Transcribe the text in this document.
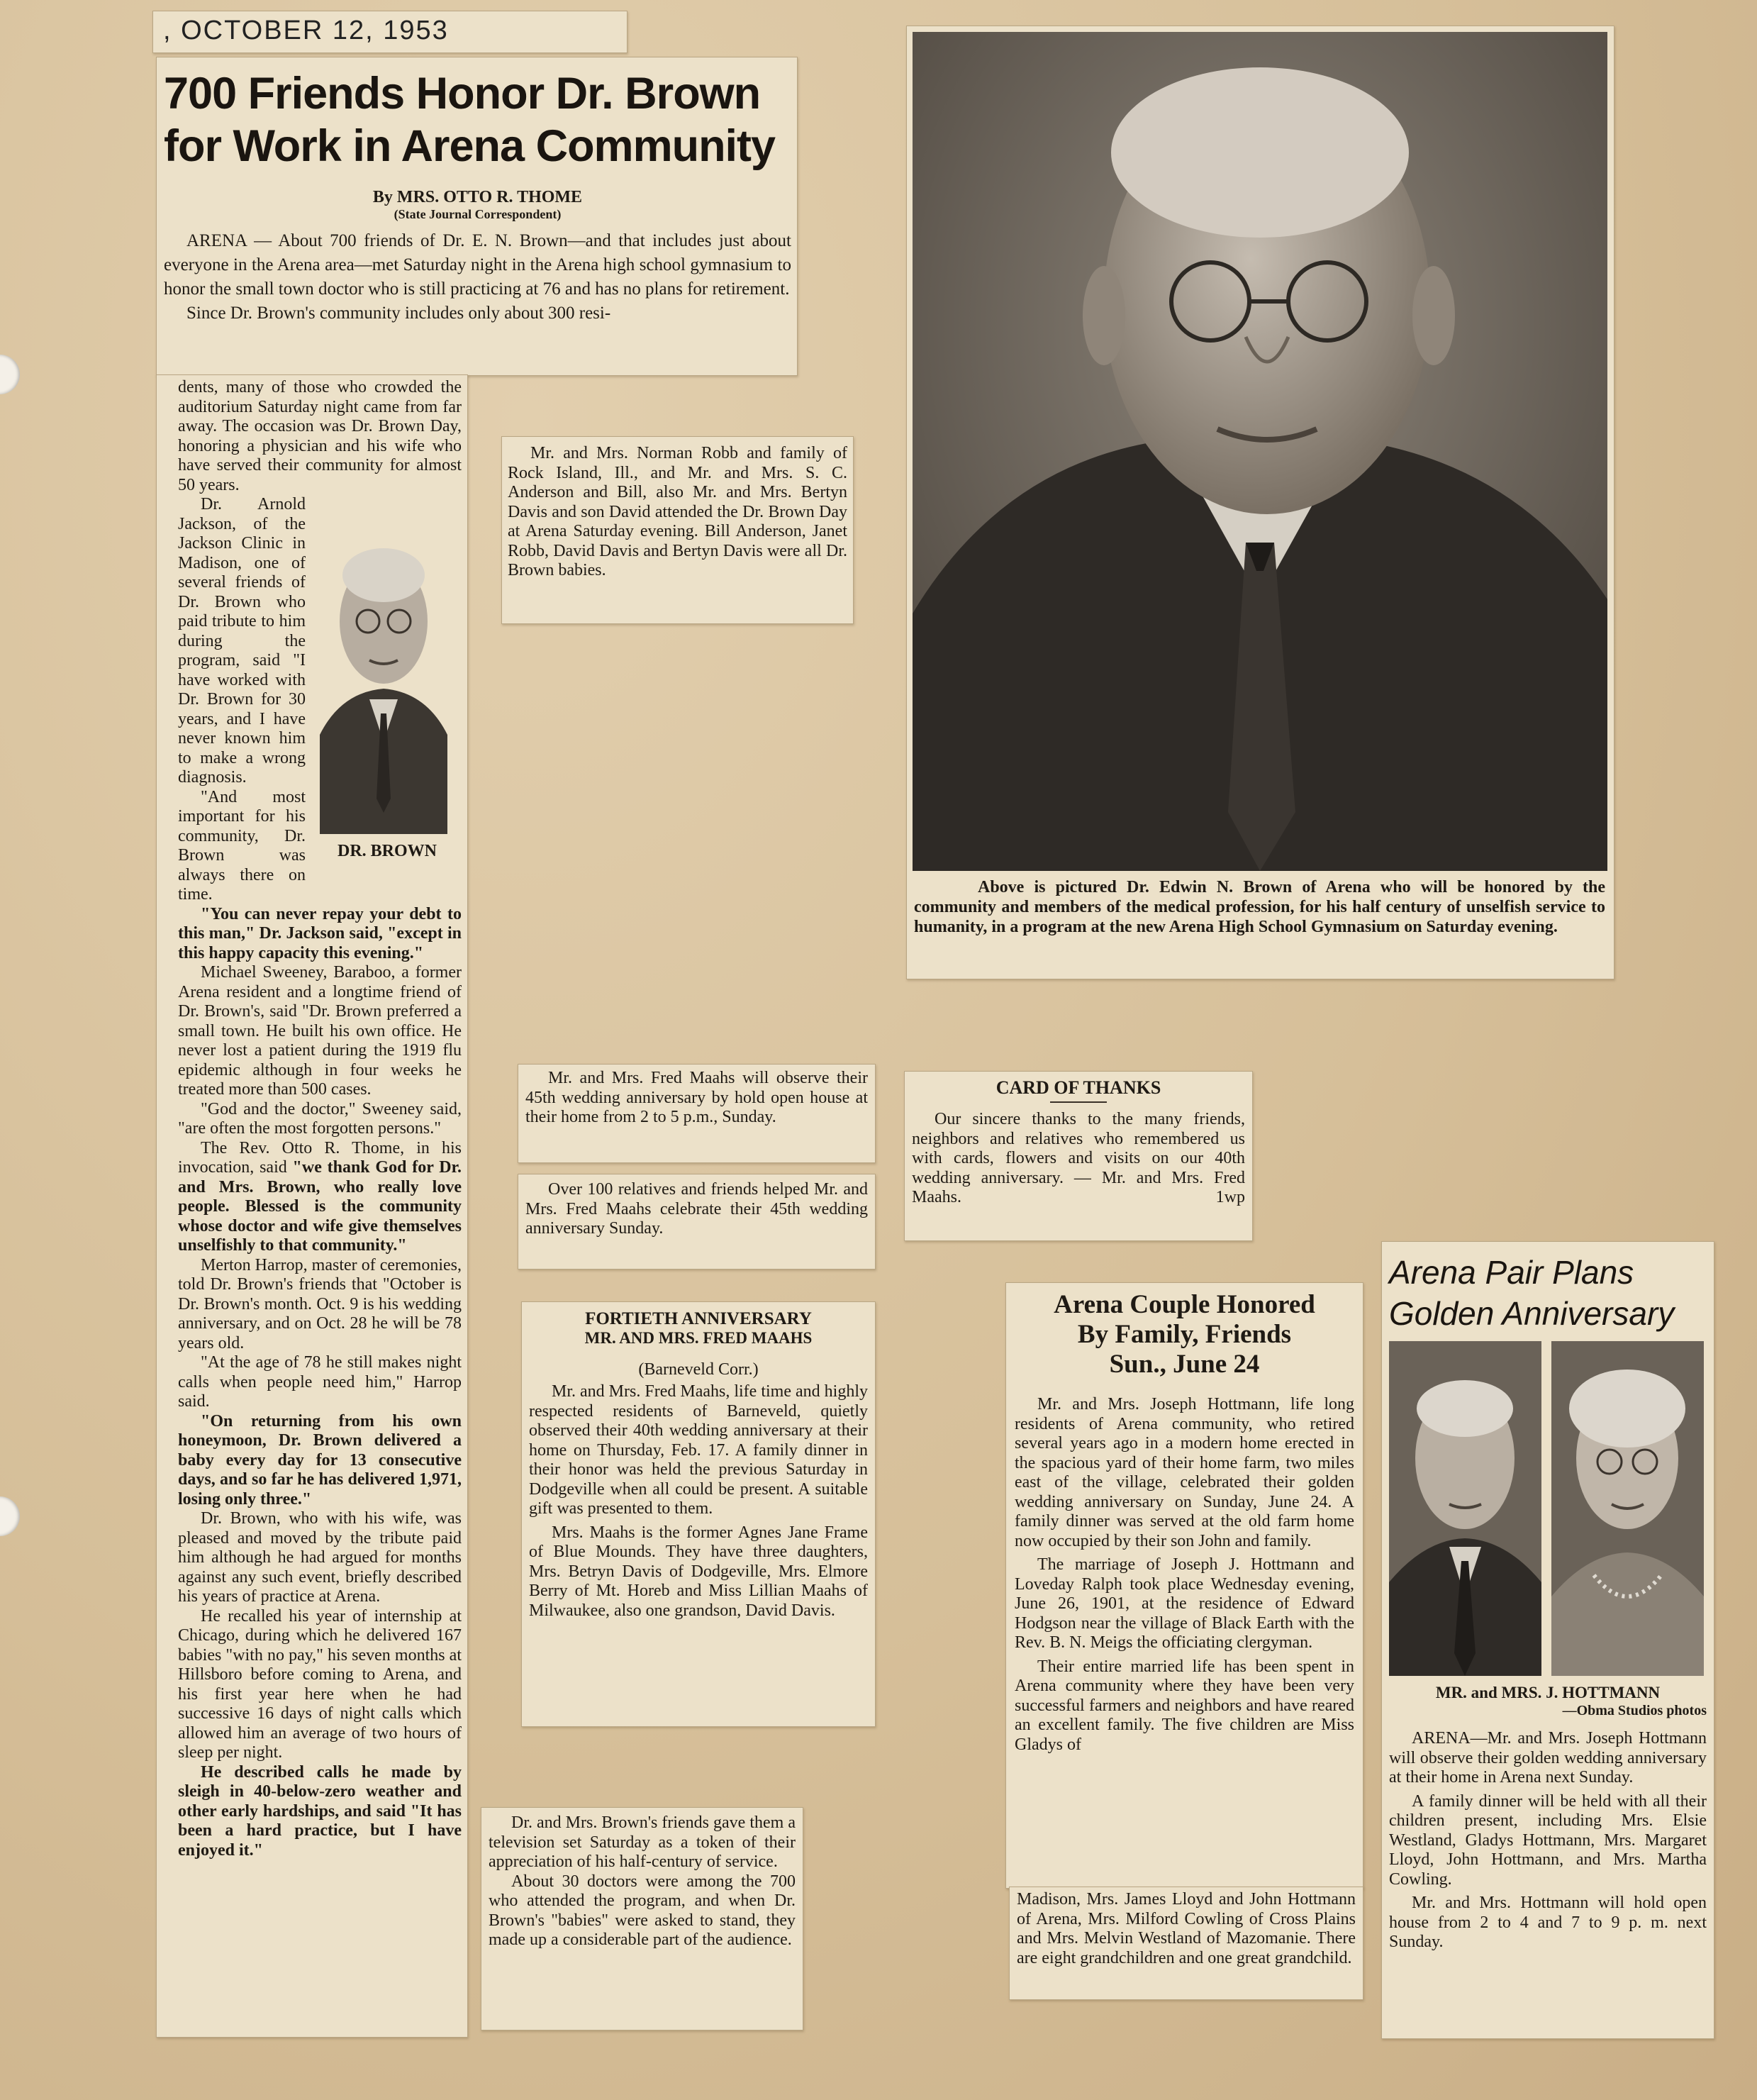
, OCTOBER 12, 1953
700 Friends Honor Dr. Brown
for Work in Arena Community
By MRS. OTTO R. THOME
(State Journal Correspondent)

ARENA — About 700 friends of Dr. E. N. Brown—and that includes just about everyone in the Arena area—met Saturday night in the Arena high school gymnasium to honor the small town doctor who is still practicing at 76 and has no plans for retirement.

Since Dr. Brown's community includes only about 300 resi-

dents, many of those who crowded the auditorium Saturday night came from far away. The occasion was Dr. Brown Day, honoring a physician and his wife who have served their community for almost 50 years.

DR. BROWN

Dr. Arnold Jackson, of the Jackson Clinic in Madison, one of several friends of Dr. Brown who paid tribute to him during the program, said "I have worked with Dr. Brown for 30 years, and I have never known him to make a wrong diagnosis.

"And most important for his community, Dr. Brown was always there on time.

"You can never repay your debt to this man," Dr. Jackson said, "except in this happy capacity this evening."

Michael Sweeney, Baraboo, a former Arena resident and a longtime friend of Dr. Brown's, said "Dr. Brown preferred a small town. He built his own office. He never lost a patient during the 1919 flu epidemic although in four weeks he treated more than 500 cases.

"God and the doctor," Sweeney said, "are often the most forgotten persons."

The Rev. Otto R. Thome, in his invocation, said "we thank God for Dr. and Mrs. Brown, who really love people. Blessed is the community whose doctor and wife give themselves unselfishly to that community."

Merton Harrop, master of ceremonies, told Dr. Brown's friends that "October is Dr. Brown's month. Oct. 9 is his wedding anniversary, and on Oct. 28 he will be 78 years old.

"At the age of 78 he still makes night calls when people need him," Harrop said.

"On returning from his own honeymoon, Dr. Brown delivered a baby every day for 13 consecutive days, and so far he has delivered 1,971, losing only three."

Dr. Brown, who with his wife, was pleased and moved by the tribute paid him although he had argued for months against any such event, briefly described his years of practice at Arena.

He recalled his year of internship at Chicago, during which he delivered 167 babies "with no pay," his seven months at Hillsboro before coming to Arena, and his first year here when he had successive 16 days of night calls which allowed him an average of two hours of sleep per night.

He described calls he made by sleigh in 40-below-zero weather and other early hardships, and said "It has been a hard practice, but I have enjoyed it."

Mr. and Mrs. Norman Robb and family of Rock Island, Ill., and Mr. and Mrs. S. C. Anderson and Bill, also Mr. and Mrs. Bertyn Davis and son David attended the Dr. Brown Day at Arena Saturday evening. Bill Anderson, Janet Robb, David Davis and Bertyn Davis were all Dr. Brown babies.

Above is pictured Dr. Edwin N. Brown of Arena who will be honored by the community and members of the medical profession, for his half century of unselfish service to humanity, in a program at the new Arena High School Gymnasium on Saturday evening.

Mr. and Mrs. Fred Maahs will observe their 45th wedding anniversary by hold open house at their home from 2 to 5 p.m., Sunday.

Over 100 relatives and friends helped Mr. and Mrs. Fred Maahs celebrate their 45th wedding anniversary Sunday.

CARD OF THANKS

Our sincere thanks to the many friends, neighbors and relatives who remembered us with cards, flowers and visits on our 40th wedding anniversary. — Mr. and Mrs. Fred Maahs.	1wp
FORTIETH ANNIVERSARY
MR. AND MRS. FRED MAAHS
(Barneveld Corr.)

Mr. and Mrs. Fred Maahs, life time and highly respected residents of Barneveld, quietly observed their 40th wedding anniversary at their home on Thursday, Feb. 17. A family dinner in their honor was held the previous Saturday in Dodgeville when all could be present. A suitable gift was presented to them.

Mrs. Maahs is the former Agnes Jane Frame of Blue Mounds. They have three daughters, Mrs. Betryn Davis of Dodgeville, Mrs. Elmore Berry of Mt. Horeb and Miss Lillian Maahs of Milwaukee, also one grandson, David Davis.

Dr. and Mrs. Brown's friends gave them a television set Saturday as a token of their appreciation of his half-century of service.

About 30 doctors were among the 700 who attended the program, and when Dr. Brown's "babies" were asked to stand, they made up a considerable part of the audience.

Arena Couple Honored
By Family, Friends
Sun., June 24

Mr. and Mrs. Joseph Hottmann, life long residents of Arena community, who retired several years ago in a modern home erected in the spacious yard of their home farm, two miles east of the village, celebrated their golden wedding anniversary on Sunday, June 24. A family dinner was served at the old farm home now occupied by their son John and family.

The marriage of Joseph J. Hottmann and Loveday Ralph took place Wednesday evening, June 26, 1901, at the residence of Edward Hodgson near the village of Black Earth with the Rev. B. N. Meigs the officiating clergyman.

Their entire married life has been spent in Arena community where they have been very successful farmers and neighbors and have reared an excellent family. The five children are Miss Gladys of

Madison, Mrs. James Lloyd and John Hottmann of Arena, Mrs. Milford Cowling of Cross Plains and Mrs. Melvin Westland of Mazomanie. There are eight grandchildren and one great grandchild.

Arena Pair Plans
Golden Anniversary
MR. and MRS. J. HOTTMANN
—Obma Studios photos

ARENA—Mr. and Mrs. Joseph Hottmann will observe their golden wedding anniversary at their home in Arena next Sunday.

A family dinner will be held with all their children present, including Mrs. Elsie Westland, Gladys Hottmann, Mrs. Margaret Lloyd, John Hottmann, and Mrs. Martha Cowling.

Mr. and Mrs. Hottmann will hold open house from 2 to 4 and 7 to 9 p. m. next Sunday.
